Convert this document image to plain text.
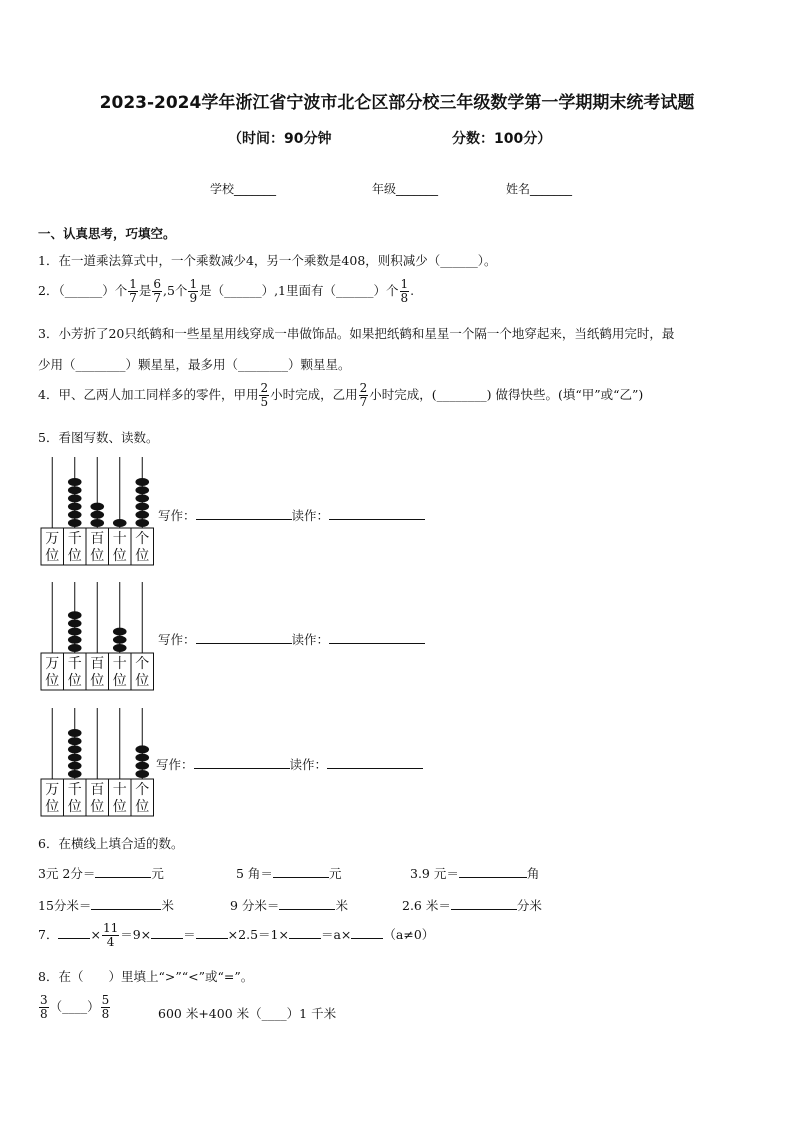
2023-2024学年浙江省宁波市北仑区部分校三年级数学第一学期期末统考试题
（时间：90分钟	分数：100分）
学校_______	年级_______	姓名_______
一、认真思考，巧填空。
1．在一道乘法算式中，一个乘数减少4，另一个乘数是408，则积减少（______）。
2．（______）个 $\frac{1}{7}$ 是 $\frac{6}{7} ,5$个 $\frac{1}{9}$ 是（______）,1里面有（______）个 $\frac{1}{8}$ .
3．小芳折了20只纸鹤和一些星星用线穿成一串做饰品。如果把纸鹤和星星一个隔一个地穿起来，当纸鹤用完时，最
少用（________）颗星星，最多用（________）颗星星。
4．甲、乙两人加工同样多的零件，甲用 $\frac{2}{5}$ 小时完成，乙用 $\frac{2}{7}$ 小时完成，(________) 做得快些。(填“甲”或“乙”)
5．看图写数、读数。
万
位
千
位
百
位
十
位
个
位
写作：	读作：
万
位
千
位
百
位
十
位
个
位
写作：	读作：
万
位
千
位
百
位
十
位
个
位
写作：	读作：
6．在横线上填合适的数。
3元 2分＝	元	5 角＝	元	3.9 元＝	角
15分米＝	米	9 分米＝	米	2.6 米＝	分米
7．	× $\frac{11}{4} =9\times$	＝	×2.5＝1×	＝a×	（a≠0）
8．在（　　）里填上“>”“<”或“=”。
$\frac{3}{8}$ （____） $\frac{5}{8}$	600 米+400 米（____）1 千米
